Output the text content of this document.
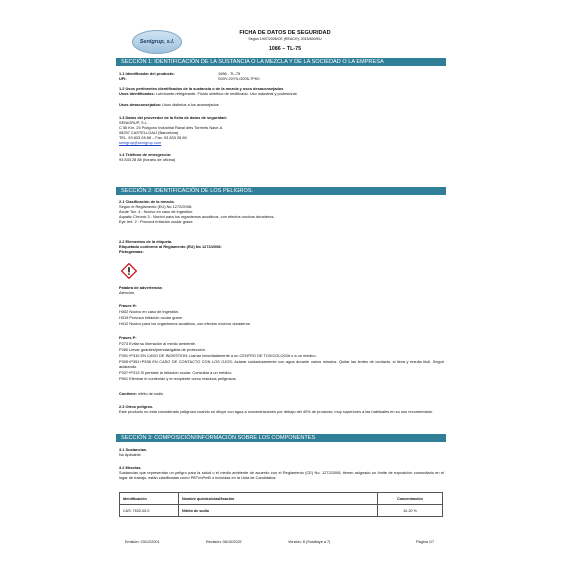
Senigrup, s.l.
FICHA DE DATOS DE SEGURIDAD
Según 1907/2006/CE (REACH), 2015/830/EU
1086 – TL-75
SECCIÓN 1: IDENTIFICACIÓN DE LA SUSTANCIA O LA MEZCLA Y DE LA SOCIEDAD O LA EMPRESA
1.1 Identificador del producto:	1086 - TL-75
UFI:	S03Y-20YS-G005-7PK0
1.2 Usos pertinentes identificados de la sustancia o de la mezcla y usos desaconsejados
Usos identificados: Lubricante-refrigerante. Fluido sintético de rectificado. Uso industrial y profesional.
Usos desaconsejados: Usos distintos a los aconsejados
1.3 Datos del proveedor de la ficha de datos de seguridad:
SENIGRUP, S.L.
C 55 Km. 25 Polígono Industrial Raval dels Torrents Nave-A
08297 CASTELLGALÍ (Barcelona)
TEL. 93 833 28 88 – Fax. 93 833 28 89
senigrup@senigrup.com
1.4 Teléfono de emergencia:
93 833 28 88 (horario de oficina)
SECCIÓN 2: IDENTIFICACIÓN DE LOS PELIGROS.
2.1 Clasificación de la mezcla.
Según el Reglamento (EU) No 1272/2008:
Acute Tox. 4 : Nocivo en caso de ingestión.
Aquatic Chronic 3 : Nocivo para los organismos acuáticos, con efectos nocivos duraderos.
Eye Irrit. 2 : Provoca irritación ocular grave.
2.2 Elementos de la etiqueta.
Etiquetado conforme al Reglamento (EU) No 1272/2008:
Pictogramas:
Palabra de advertencia:
Atención
Frases H:
H302 Nocivo en caso de ingestión.
H319 Provoca irritación ocular grave.
H412 Nocivo para los organismos acuáticos, con efectos nocivos duraderos.
Frases P:
P273 Evitar su liberación al medio ambiente.
P280 Llevar guantes/prendas/gafas de protección.
P301+P310 EN CASO DE INGESTION: Llamar inmediatamente a un CENTRO DE TOXICOLOGÍA o a un médico.
P305+P351+P338 EN CASO DE CONTACTO CON LOS OJOS: Aclarar cuidadosamente con agua durante varios minutos. Quitar las lentes de contacto, si lleva y resulta fácil. Seguir aclarando.
P337+P313 Si persiste la irritación ocular: Consultar a un médico.
P501 Eliminar el contenido y el recipiente como residuos peligrosos.
Contiene: nitrito de sodio
2.3 Otros peligros.
Este producto no está considerado peligroso cuando se diluye con agua a concentraciones por debajo del 40% de producto; muy superiores a las habituales en su uso recomendado.
SECCIÓN 3: COMPOSICIÓN/INFORMACIÓN SOBRE LOS COMPONENTES
3.1 Sustancias.
No Aplicable.
3.2 Mezclas.
Sustancias que representan un peligro para la salud o el medio ambiente de acuerdo con el Reglamento (CE) No. 1272/2008, tienen asignado un límite de exposición comunitario en el lugar de trabajo, están clasificadas como PBT/mPmB o incluidas en la Lista de Candidatos:
Identificación	Nombre químico/clasificación	Concentración
CAS: 7632-00-0	Nitrito de sodio	10-20 %
Emisión: 03/12/2001	Revisión: 06/10/2022	Versión: 8 (Sustituye a 7)	Página 1/7
